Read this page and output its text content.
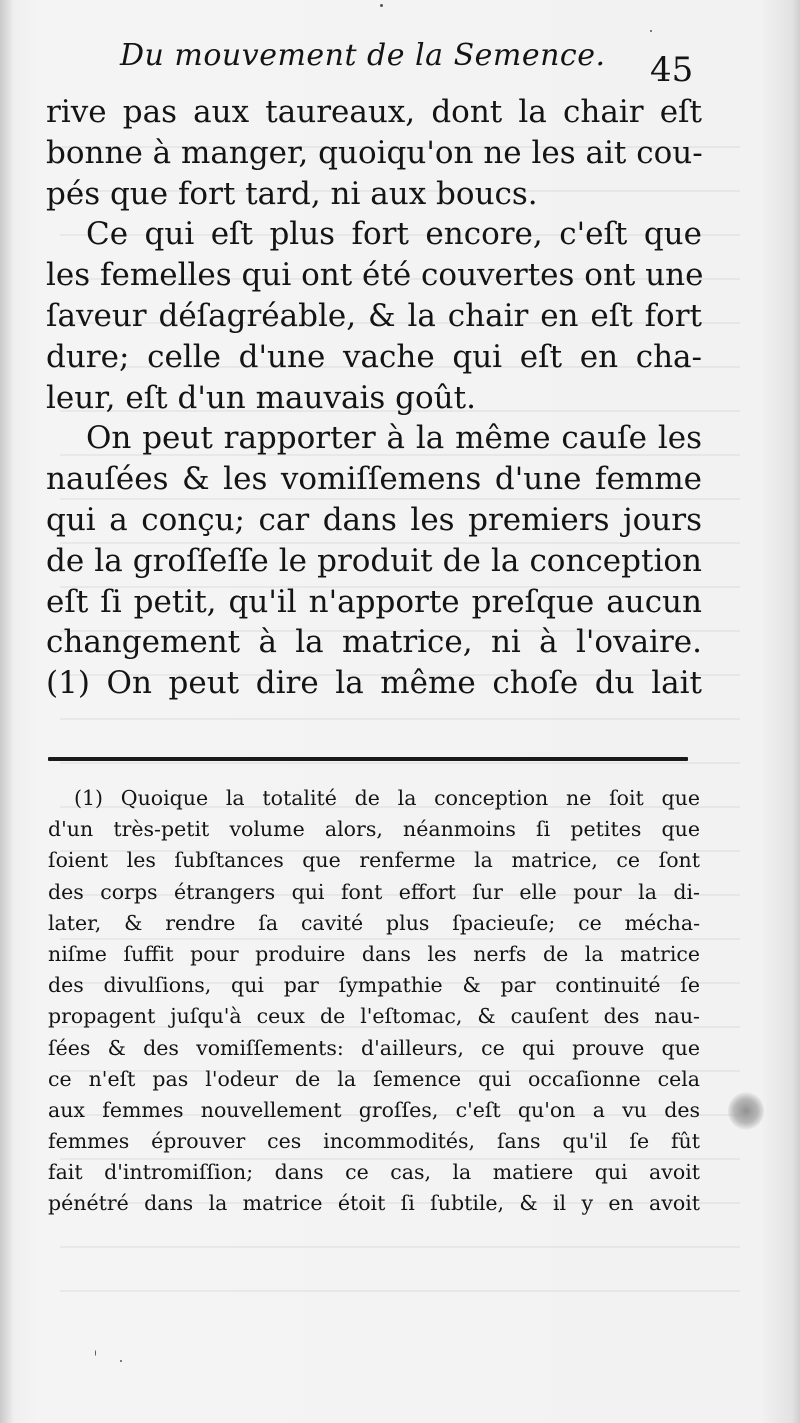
Du mouvement de la Semence.	45
rive pas aux taureaux, dont la chair eſt
bonne à manger, quoiqu'on ne les ait cou-
pés que fort tard, ni aux boucs.
Ce qui eſt plus fort encore, c'eſt que
les femelles qui ont été couvertes ont une
ſaveur déſagréable, & la chair en eſt fort
dure; celle d'une vache qui eſt en cha-
leur, eſt d'un mauvais goût.
On peut rapporter à la même cauſe les
nauſées & les vomiſſemens d'une femme
qui a conçu; car dans les premiers jours
de la groſſeſſe le produit de la conception
eſt ſi petit, qu'il n'apporte preſque aucun
changement à la matrice, ni à l'ovaire.
(1) On peut dire la même choſe du lait
(1) Quoique la totalité de la conception ne ſoit que
d'un très-petit volume alors, néanmoins ſi petites que
ſoient les ſubſtances que renferme la matrice, ce ſont
des corps étrangers qui font effort ſur elle pour la di-
later, & rendre ſa cavité plus ſpacieuſe; ce mécha-
niſme ſuffit pour produire dans les nerfs de la matrice
des divulſions, qui par ſympathie & par continuité ſe
propagent juſqu'à ceux de l'eſtomac, & cauſent des nau-
ſées & des vomiſſements: d'ailleurs, ce qui prouve que
ce n'eſt pas l'odeur de la ſemence qui occaſionne cela
aux femmes nouvellement groſſes, c'eſt qu'on a vu des
femmes éprouver ces incommodités, ſans qu'il ſe fût
fait d'intromiſſion; dans ce cas, la matiere qui avoit
pénétré dans la matrice étoit ſi ſubtile, & il y en avoit
